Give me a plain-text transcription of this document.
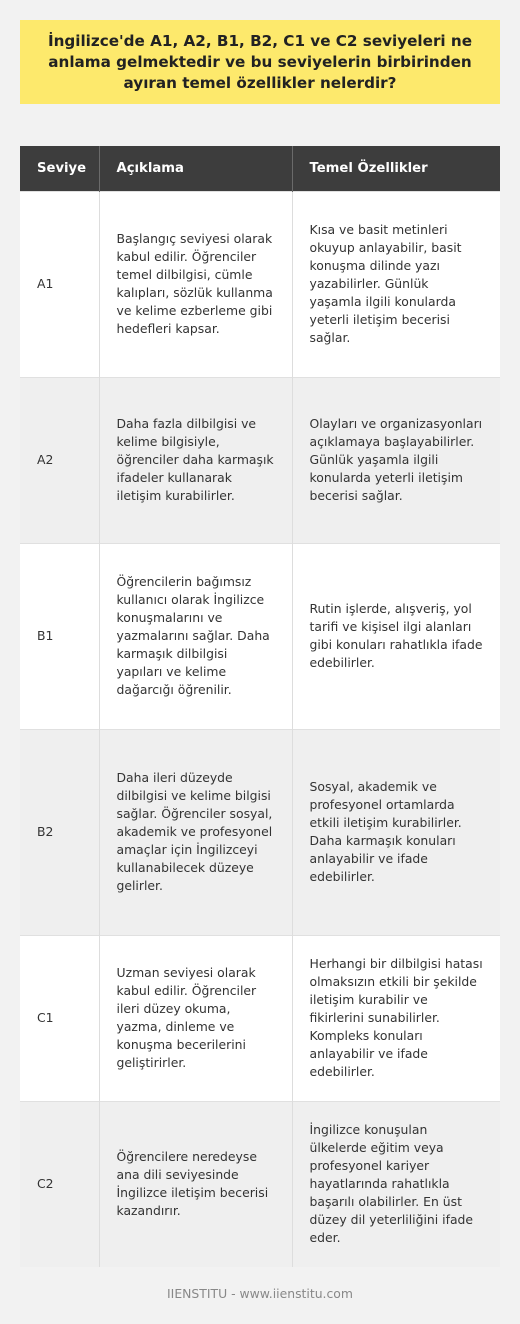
İngilizce'de A1, A2, B1, B2, C1 ve C2 seviyeleri ne anlama gelmektedir ve bu seviyelerin birbirinden ayıran temel özellikler nelerdir?
Seviye	Açıklama	Temel Özellikler
A1	Başlangıç seviyesi olarak kabul edilir. Öğrenciler temel dilbilgisi, cümle kalıpları, sözlük kullanma ve kelime ezberleme gibi hedefleri kapsar.	Kısa ve basit metinleri okuyup anlayabilir, basit konuşma dilinde yazı yazabilirler. Günlük yaşamla ilgili konularda yeterli iletişim becerisi sağlar.
A2	Daha fazla dilbilgisi ve kelime bilgisiyle, öğrenciler daha karmaşık ifadeler kullanarak iletişim kurabilirler.	Olayları ve organizasyonları açıklamaya başlayabilirler. Günlük yaşamla ilgili konularda yeterli iletişim becerisi sağlar.
B1	Öğrencilerin bağımsız kullanıcı olarak İngilizce konuşmalarını ve yazmalarını sağlar. Daha karmaşık dilbilgisi yapıları ve kelime dağarcığı öğrenilir.	Rutin işlerde, alışveriş, yol tarifi ve kişisel ilgi alanları gibi konuları rahatlıkla ifade edebilirler.
B2	Daha ileri düzeyde dilbilgisi ve kelime bilgisi sağlar. Öğrenciler sosyal, akademik ve profesyonel amaçlar için İngilizceyi kullanabilecek düzeye gelirler.	Sosyal, akademik ve profesyonel ortamlarda etkili iletişim kurabilirler. Daha karmaşık konuları anlayabilir ve ifade edebilirler.
C1	Uzman seviyesi olarak kabul edilir. Öğrenciler ileri düzey okuma, yazma, dinleme ve konuşma becerilerini geliştirirler.	Herhangi bir dilbilgisi hatası olmaksızın etkili bir şekilde iletişim kurabilir ve fikirlerini sunabilirler. Kompleks konuları anlayabilir ve ifade edebilirler.
C2	Öğrencilere neredeyse ana dili seviyesinde İngilizce iletişim becerisi kazandırır.	İngilizce konuşulan ülkelerde eğitim veya profesyonel kariyer hayatlarında rahatlıkla başarılı olabilirler. En üst düzey dil yeterliliğini ifade eder.
IIENSTITU - www.iienstitu.com
